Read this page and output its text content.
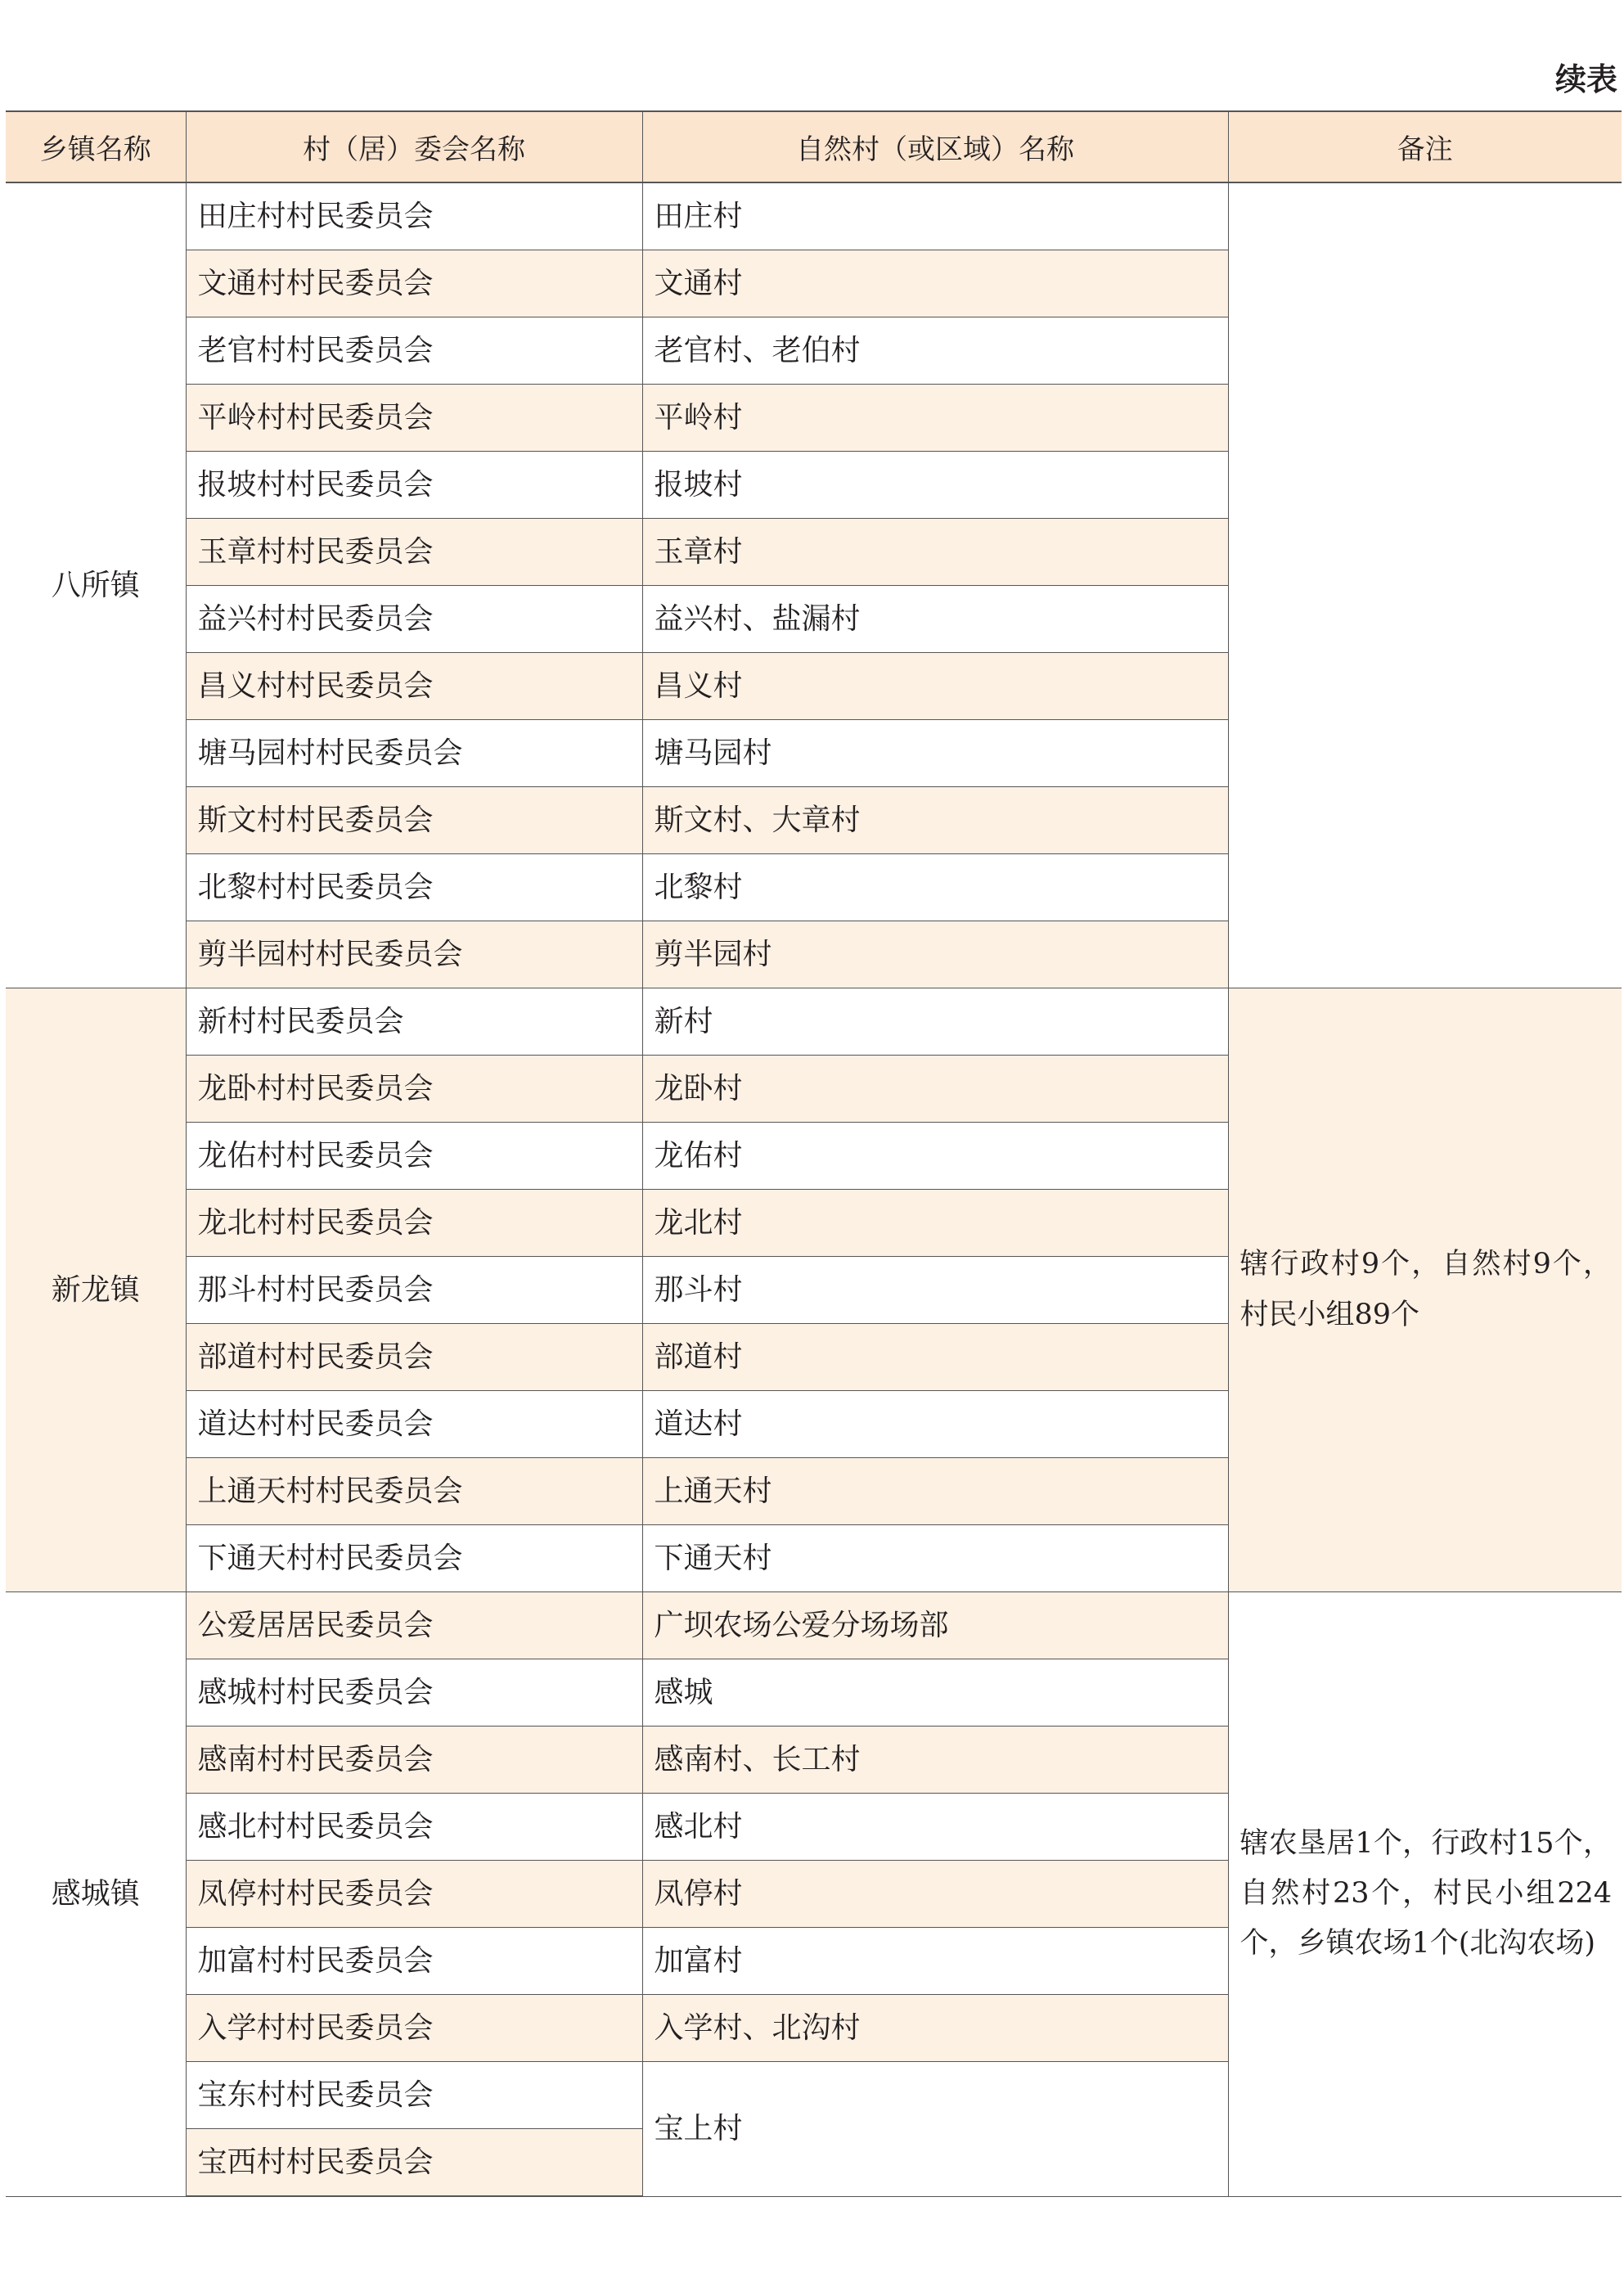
续表
乡镇名称	村（居）委会名称	自然村（或区域）名称	备注
八所镇	田庄村村民委员会	田庄村	
	文通村村民委员会	文通村	
	老官村村民委员会	老官村、老伯村	
	平岭村村民委员会	平岭村	
	报坡村村民委员会	报坡村	
	玉章村村民委员会	玉章村	
	益兴村村民委员会	益兴村、盐漏村	
	昌义村村民委员会	昌义村	
	塘马园村村民委员会	塘马园村	
	斯文村村民委员会	斯文村、大章村	
	北黎村村民委员会	北黎村	
	剪半园村村民委员会	剪半园村	
新龙镇	新村村民委员会	新村	辖行政村9个，自然村9个，村民小组89个
	龙卧村村民委员会	龙卧村	
	龙佑村村民委员会	龙佑村	
	龙北村村民委员会	龙北村	
	那斗村村民委员会	那斗村	
	部道村村民委员会	部道村	
	道达村村民委员会	道达村	
	上通天村村民委员会	上通天村	
	下通天村村民委员会	下通天村	
感城镇	公爱居居民委员会	广坝农场公爱分场场部	辖农垦居1个，行政村15个，自然村23个，村民小组224个，乡镇农场1个(北沟农场)
	感城村村民委员会	感城	
	感南村村民委员会	感南村、长工村	
	感北村村民委员会	感北村	
	凤停村村民委员会	凤停村	
	加富村村民委员会	加富村	
	入学村村民委员会	入学村、北沟村	
	宝东村村民委员会	宝上村	
	宝西村村民委员会		
